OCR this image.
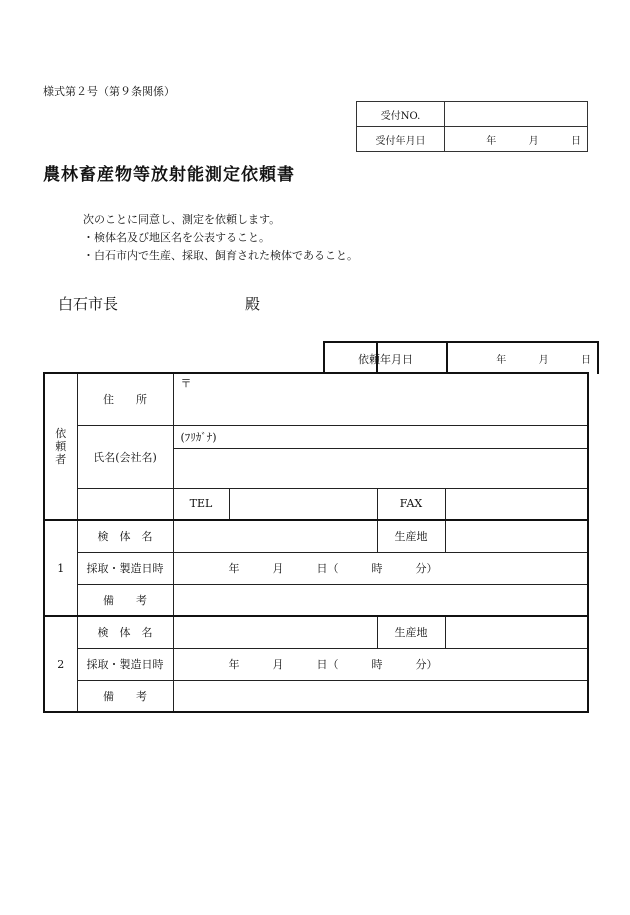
様式第２号（第９条関係）
受付NO.	
受付年月日	年 月 日
農林畜産物等放射能測定依頼書
次のことに同意し、測定を依頼します。
・検体名及び地区名を公表すること。
・白石市内で生産、採取、飼育された検体であること。
白石市長	殿

依
頼
者	住　　所	〒			
	氏名(会社名)	(ﾌﾘｶﾞﾅ)			

		TEL		FAX	
1	検　体　名			生産地	
	採取・製造日時	年　　　月　　　日（　　　時　　　分）			
	備　　考				
2	検　体　名			生産地	
	採取・製造日時	年　　　月　　　日（　　　時　　　分）			
	備　　考				
依頼年月日	年	月	日
